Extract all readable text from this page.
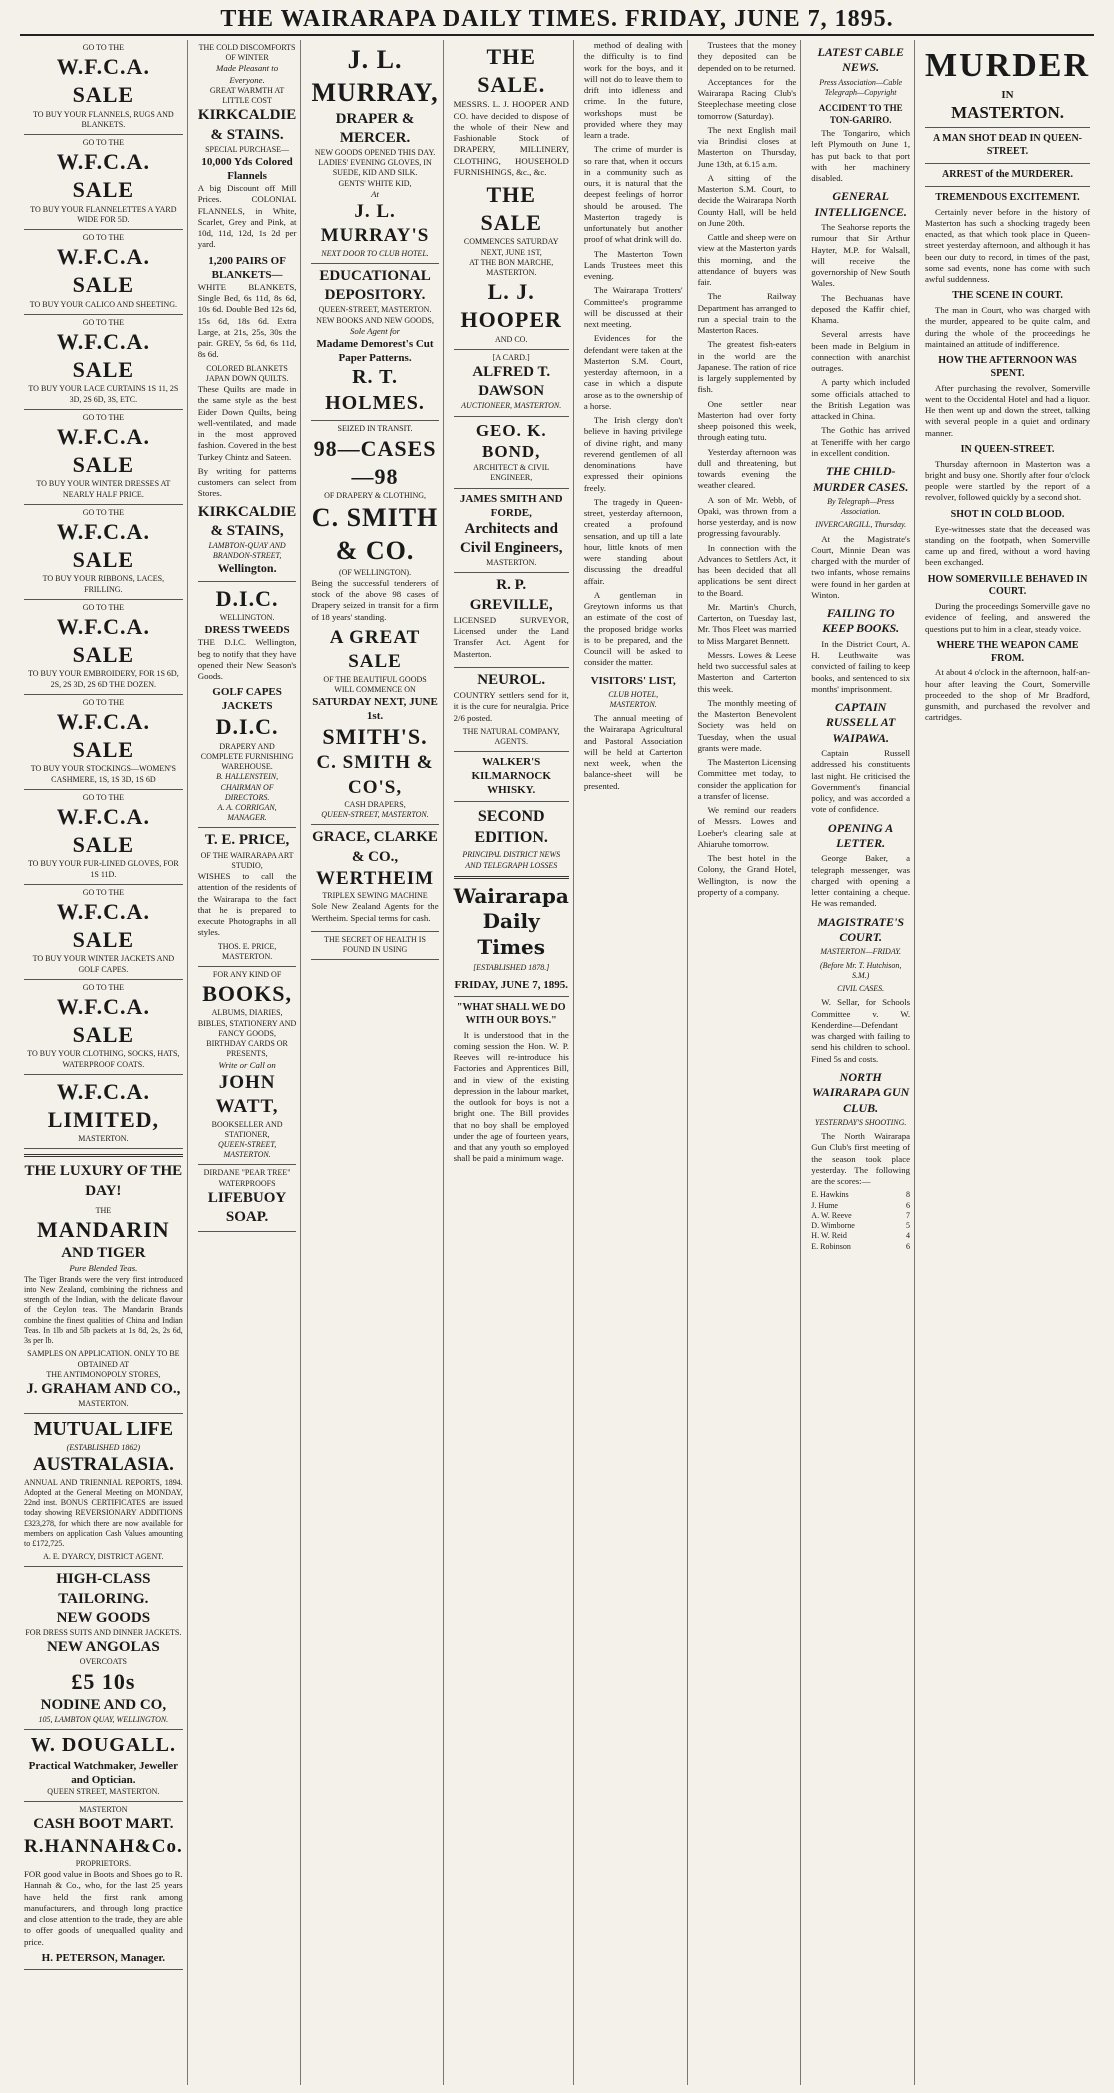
THE WAIRARAPA DAILY TIMES. FRIDAY, JUNE 7, 1895.
GO TO THE
W.F.C.A. SALE
TO BUY YOUR FLANNELS, RUGS AND BLANKETS.
GO TO THE
W.F.C.A. SALE
TO BUY YOUR FLANNELETTES A YARD WIDE FOR 5D.
GO TO THE
W.F.C.A. SALE
TO BUY YOUR CALICO AND SHEETING.
GO TO THE
W.F.C.A. SALE
TO BUY YOUR LACE CURTAINS 1S 11, 2S 3D, 2S 6D, 3S, ETC.
GO TO THE
W.F.C.A. SALE
TO BUY YOUR WINTER DRESSES AT NEARLY HALF PRICE.
GO TO THE
W.F.C.A. SALE
TO BUY YOUR RIBBONS, LACES, FRILLING.
GO TO THE
W.F.C.A. SALE
TO BUY YOUR EMBROIDERY, FOR 1S 6D, 2S, 2S 3D, 2S 6D THE DOZEN.
GO TO THE
W.F.C.A. SALE
TO BUY YOUR STOCKINGS—WOMEN'S CASHMERE, 1S, 1S 3D, 1S 6D
GO TO THE
W.F.C.A. SALE
TO BUY YOUR FUR-LINED GLOVES, FOR 1S 11D.
GO TO THE
W.F.C.A. SALE
TO BUY YOUR WINTER JACKETS AND GOLF CAPES.
GO TO THE
W.F.C.A. SALE
TO BUY YOUR CLOTHING, SOCKS, HATS, WATERPROOF COATS.
W.F.C.A. LIMITED,
MASTERTON.
THE LUXURY OF THE DAY!
THE
MANDARIN
AND TIGER
Pure Blended Teas.

The Tiger Brands were the very first introduced into New Zealand, combining the richness and strength of the Indian, with the delicate flavour of the Ceylon teas. The Mandarin Brands combine the finest qualities of China and Indian Teas. In 1lb and 5lb packets at 1s 8d, 2s, 2s 6d, 3s per lb.

SAMPLES ON APPLICATION. ONLY TO BE OBTAINED AT
THE ANTIMONOPOLY STORES,
J. GRAHAM AND CO.,
MASTERTON.
MUTUAL LIFE
(ESTABLISHED 1862)
AUSTRALASIA.

ANNUAL AND TRIENNIAL REPORTS, 1894. Adopted at the General Meeting on MONDAY, 22nd inst. BONUS CERTIFICATES are issued today showing REVERSIONARY ADDITIONS £323,278, for which there are now available for members on application Cash Values amounting to £172,725.

A. E. DYARCY, DISTRICT AGENT.
HIGH-CLASS TAILORING.
NEW GOODS
FOR DRESS SUITS AND DINNER JACKETS.
NEW ANGOLAS
OVERCOATS
£5 10s
NODINE AND CO,
105, LAMBTON QUAY, WELLINGTON.
W. DOUGALL.
Practical Watchmaker, Jeweller and Optician.
QUEEN STREET, MASTERTON.
MASTERTON
CASH BOOT MART.
R.HANNAH&Co.
PROPRIETORS.

FOR good value in Boots and Shoes go to R. Hannah & Co., who, for the last 25 years have held the first rank among manufacturers, and through long practice and close attention to the trade, they are able to offer goods of unequalled quality and price.

H. PETERSON, Manager.
THE COLD DISCOMFORTS OF WINTER
Made Pleasant to Everyone.
GREAT WARMTH AT LITTLE COST
KIRKCALDIE & STAINS.
SPECIAL PURCHASE—
10,000 Yds Colored Flannels

A big Discount off Mill Prices. COLONIAL FLANNELS, in White, Scarlet, Grey and Pink, at 10d, 11d, 12d, 1s 2d per yard.

1,200 PAIRS OF BLANKETS—

WHITE BLANKETS, Single Bed, 6s 11d, 8s 6d, 10s 6d. Double Bed 12s 6d, 15s 6d, 18s 6d. Extra Large, at 21s, 25s, 30s the pair. GREY, 5s 6d, 6s 11d, 8s 6d.

COLORED BLANKETS
JAPAN DOWN QUILTS.

These Quilts are made in the same style as the best Eider Down Quilts, being well-ventilated, and made in the most approved fashion. Covered in the best Turkey Chintz and Sateen.

By writing for patterns customers can select from Stores.

KIRKCALDIE & STAINS,
LAMBTON-QUAY AND BRANDON-STREET,
Wellington.
D.I.C.
WELLINGTON.
DRESS TWEEDS

THE D.I.C. Wellington, beg to notify that they have opened their New Season's Goods.

GOLF CAPES JACKETS
D.I.C.
DRAPERY AND COMPLETE FURNISHING WAREHOUSE.
B. HALLENSTEIN, CHAIRMAN OF DIRECTORS.
A. A. CORRIGAN, MANAGER.
T. E. PRICE,
OF THE WAIRARAPA ART STUDIO,

WISHES to call the attention of the residents of the Wairarapa to the fact that he is prepared to execute Photographs in all styles.

THOS. E. PRICE, MASTERTON.
FOR ANY KIND OF
BOOKS,
ALBUMS, DIARIES, BIBLES, STATIONERY AND FANCY GOODS, BIRTHDAY CARDS OR PRESENTS,
Write or Call on
JOHN WATT,
BOOKSELLER AND STATIONER,
QUEEN-STREET, MASTERTON.
DIRDANE "PEAR TREE" WATERPROOFS
LIFEBUOY SOAP.
J. L. MURRAY,
DRAPER & MERCER.
NEW GOODS OPENED THIS DAY.
LADIES' EVENING GLOVES, IN SUEDE, KID AND SILK.
GENTS' WHITE KID,
At
J. L. MURRAY'S
NEXT DOOR TO CLUB HOTEL.
EDUCATIONAL DEPOSITORY.
QUEEN-STREET, MASTERTON.
NEW BOOKS AND NEW GOODS,
Sole Agent for
Madame Demorest's Cut Paper Patterns.
R. T. HOLMES.
SEIZED IN TRANSIT.
98—CASES—98
OF DRAPERY & CLOTHING,
C. SMITH & CO.
(OF WELLINGTON).

Being the successful tenderers of stock of the above 98 cases of Drapery seized in transit for a firm of 18 years' standing.

A GREAT SALE
OF THE BEAUTIFUL GOODS
WILL COMMENCE ON
SATURDAY NEXT, JUNE 1st.
SMITH'S.
C. SMITH & CO'S,
CASH DRAPERS,
QUEEN-STREET, MASTERTON.
GRACE, CLARKE & CO.,
WERTHEIM
TRIPLEX SEWING MACHINE

Sole New Zealand Agents for the Wertheim. Special terms for cash.

THE SECRET OF HEALTH IS FOUND IN USING
THE SALE.

MESSRS. L. J. HOOPER AND CO. have decided to dispose of the whole of their New and Fashionable Stock of DRAPERY, MILLINERY, CLOTHING, HOUSEHOLD FURNISHINGS, &c., &c.

THE SALE
COMMENCES SATURDAY NEXT, JUNE 1ST,
AT THE BON MARCHE, MASTERTON.
L. J. HOOPER
AND CO.
[A CARD.]
ALFRED T. DAWSON
AUCTIONEER, MASTERTON.
GEO. K. BOND,
ARCHITECT & CIVIL ENGINEER,
JAMES SMITH AND FORDE,
Architects and Civil Engineers,
MASTERTON.
R. P. GREVILLE,

LICENSED SURVEYOR, Licensed under the Land Transfer Act. Agent for Masterton.

NEUROL.

COUNTRY settlers send for it, it is the cure for neuralgia. Price 2/6 posted.

THE NATURAL COMPANY, AGENTS.
WALKER'S KILMARNOCK WHISKY.
SECOND EDITION.
PRINCIPAL DISTRICT NEWS AND TELEGRAPH LOSSES
Wairarapa Daily Times
[ESTABLISHED 1878.]
FRIDAY, JUNE 7, 1895.
"WHAT SHALL WE DO WITH OUR BOYS."

It is understood that in the coming session the Hon. W. P. Reeves will re-introduce his Factories and Apprentices Bill, and in view of the existing depression in the labour market, the outlook for boys is not a bright one. The Bill provides that no boy shall be employed under the age of fourteen years, and that any youth so employed shall be paid a minimum wage.

method of dealing with the difficulty is to find work for the boys, and it will not do to leave them to drift into idleness and crime. In the future, workshops must be provided where they may learn a trade.

The crime of murder is so rare that, when it occurs in a community such as ours, it is natural that the deepest feelings of horror should be aroused. The Masterton tragedy is unfortunately but another proof of what drink will do.

The Masterton Town Lands Trustees meet this evening.

The Wairarapa Trotters' Committee's programme will be discussed at their next meeting.

Evidences for the defendant were taken at the Masterton S.M. Court, yesterday afternoon, in a case in which a dispute arose as to the ownership of a horse.

The Irish clergy don't believe in having privilege of divine right, and many reverend gentlemen of all denominations have expressed their opinions freely.

The tragedy in Queen-street, yesterday afternoon, created a profound sensation, and up till a late hour, little knots of men were standing about discussing the dreadful affair.

A gentleman in Greytown informs us that an estimate of the cost of the proposed bridge works is to be prepared, and the Council will be asked to consider the matter.

VISITORS' LIST,
CLUB HOTEL, MASTERTON.

The annual meeting of the Wairarapa Agricultural and Pastoral Association will be held at Carterton next week, when the balance-sheet will be presented.

Trustees that the money they deposited can be depended on to be returned.

Acceptances for the Wairarapa Racing Club's Steeplechase meeting close tomorrow (Saturday).

The next English mail via Brindisi closes at Masterton on Thursday, June 13th, at 6.15 a.m.

A sitting of the Masterton S.M. Court, to decide the Wairarapa North County Hall, will be held on June 20th.

Cattle and sheep were on view at the Masterton yards this morning, and the attendance of buyers was fair.

The Railway Department has arranged to run a special train to the Masterton Races.

The greatest fish-eaters in the world are the Japanese. The ration of rice is largely supplemented by fish.

One settler near Masterton had over forty sheep poisoned this week, through eating tutu.

Yesterday afternoon was dull and threatening, but towards evening the weather cleared.

A son of Mr. Webb, of Opaki, was thrown from a horse yesterday, and is now progressing favourably.

In connection with the Advances to Settlers Act, it has been decided that all applications be sent direct to the Board.

Mr. Martin's Church, Carterton, on Tuesday last, Mr. Thos Fleet was married to Miss Margaret Bennett.

Messrs. Lowes & Leese held two successful sales at Masterton and Carterton this week.

The monthly meeting of the Masterton Benevolent Society was held on Tuesday, when the usual grants were made.

The Masterton Licensing Committee met today, to consider the application for a transfer of license.

We remind our readers of Messrs. Lowes and Loeber's clearing sale at Ahiaruhe tomorrow.

The best hotel in the Colony, the Grand Hotel, Wellington, is now the property of a company.

LATEST CABLE NEWS.
Press Association—Cable Telegraph—Copyright
ACCIDENT TO THE TON-GARIRO.

The Tongariro, which left Plymouth on June 1, has put back to that port with her machinery disabled.

GENERAL INTELLIGENCE.

The Seahorse reports the rumour that Sir Arthur Hayter, M.P. for Walsall, will receive the governorship of New South Wales.

The Bechuanas have deposed the Kaffir chief, Khama.

Several arrests have been made in Belgium in connection with anarchist outrages.

A party which included some officials attached to the British Legation was attacked in China.

The Gothic has arrived at Teneriffe with her cargo in excellent condition.

THE CHILD-MURDER CASES.
By Telegraph—Press Association.
INVERCARGILL, Thursday.

At the Magistrate's Court, Minnie Dean was charged with the murder of two infants, whose remains were found in her garden at Winton.

FAILING TO KEEP BOOKS.

In the District Court, A. H. Leuthwaite was convicted of failing to keep books, and sentenced to six months' imprisonment.

CAPTAIN RUSSELL AT WAIPAWA.

Captain Russell addressed his constituents last night. He criticised the Government's financial policy, and was accorded a vote of confidence.

OPENING A LETTER.

George Baker, a telegraph messenger, was charged with opening a letter containing a cheque. He was remanded.

MAGISTRATE'S COURT.
MASTERTON—FRIDAY.
(Before Mr. T. Hutchison, S.M.)
CIVIL CASES.

W. Sellar, for Schools Committee v. W. Kenderdine—Defendant was charged with failing to send his children to school. Fined 5s and costs.

NORTH WAIRARAPA GUN CLUB.
YESTERDAY'S SHOOTING.

The North Wairarapa Gun Club's first meeting of the season took place yesterday. The following are the scores:—

E. Hawkins	8
J. Hume	6
A. W. Reeve	7
D. Wimborne	5
H. W. Reid	4
E. Robinson	6
MURDER
IN
MASTERTON.
A MAN SHOT DEAD IN QUEEN-STREET.
ARREST of the MURDERER.
TREMENDOUS EXCITEMENT.

Certainly never before in the history of Masterton has such a shocking tragedy been enacted, as that which took place in Queen-street yesterday afternoon, and although it has been our duty to record, in times of the past, some sad events, none has come with such awful suddenness.

THE SCENE IN COURT.

The man in Court, who was charged with the murder, appeared to be quite calm, and during the whole of the proceedings he maintained an attitude of indifference.

HOW THE AFTERNOON WAS SPENT.

After purchasing the revolver, Somerville went to the Occidental Hotel and had a liquor. He then went up and down the street, talking with several people in a quiet and ordinary manner.

IN QUEEN-STREET.

Thursday afternoon in Masterton was a bright and busy one. Shortly after four o'clock people were startled by the report of a revolver, followed quickly by a second shot.

SHOT IN COLD BLOOD.

Eye-witnesses state that the deceased was standing on the footpath, when Somerville came up and fired, without a word having been exchanged.

HOW SOMERVILLE BEHAVED IN COURT.

During the proceedings Somerville gave no evidence of feeling, and answered the questions put to him in a clear, steady voice.

WHERE THE WEAPON CAME FROM.

At about 4 o'clock in the afternoon, half-an-hour after leaving the Court, Somerville proceeded to the shop of Mr Bradford, gunsmith, and purchased the revolver and cartridges.
